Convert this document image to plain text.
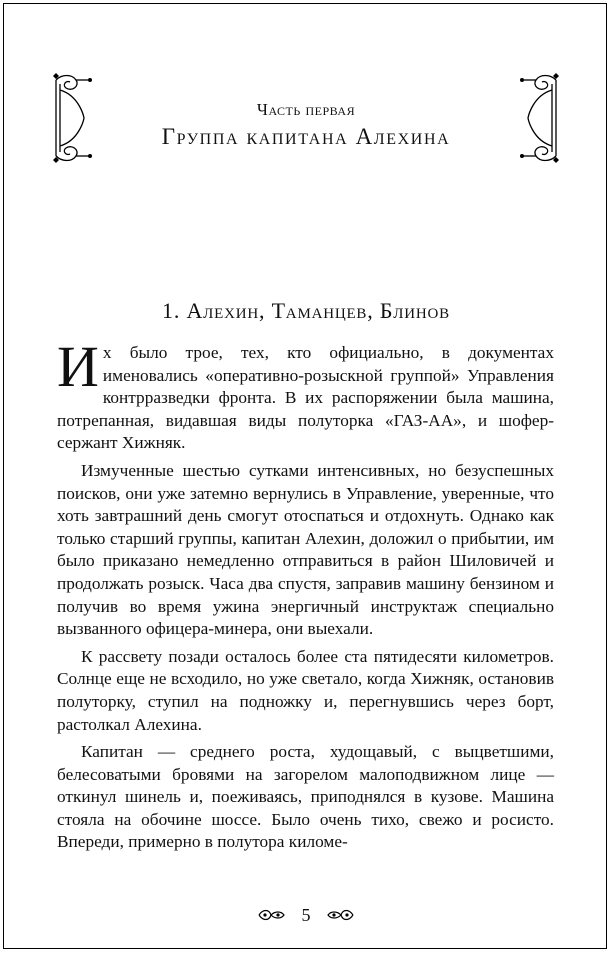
Часть первая
Группа капитана Алехина
1. Алехин, Таманцев, Блинов

Их было трое, тех, кто официально, в документах именовались «оперативно-розыскной группой» Управления контрразведки фронта. В их распоряжении была машина, потрепанная, видавшая виды полуторка «ГАЗ-АА», и шофер-сержант Хижняк.

Измученные шестью сутками интенсивных, но безуспешных поисков, они уже затемно вернулись в Управление, уверенные, что хоть завтрашний день смогут отоспаться и отдохнуть. Однако как только старший группы, капитан Алехин, доложил о прибытии, им было приказано немедленно отправиться в район Шиловичей и продолжать розыск. Часа два спустя, заправив машину бензином и получив во время ужина энергичный инструктаж специально вызванного офицера-минера, они выехали.

К рассвету позади осталось более ста пятидесяти километров. Солнце еще не всходило, но уже светало, когда Хижняк, остановив полуторку, ступил на подножку и, перегнувшись через борт, растолкал Алехина.

Капитан — среднего роста, худощавый, с выцветшими, белесоватыми бровями на загорелом малоподвижном лице — откинул шинель и, поеживаясь, приподнялся в кузове. Машина стояла на обочине шоссе. Было очень тихо, свежо и росисто. Впереди, примерно в полутора киломе-

5
